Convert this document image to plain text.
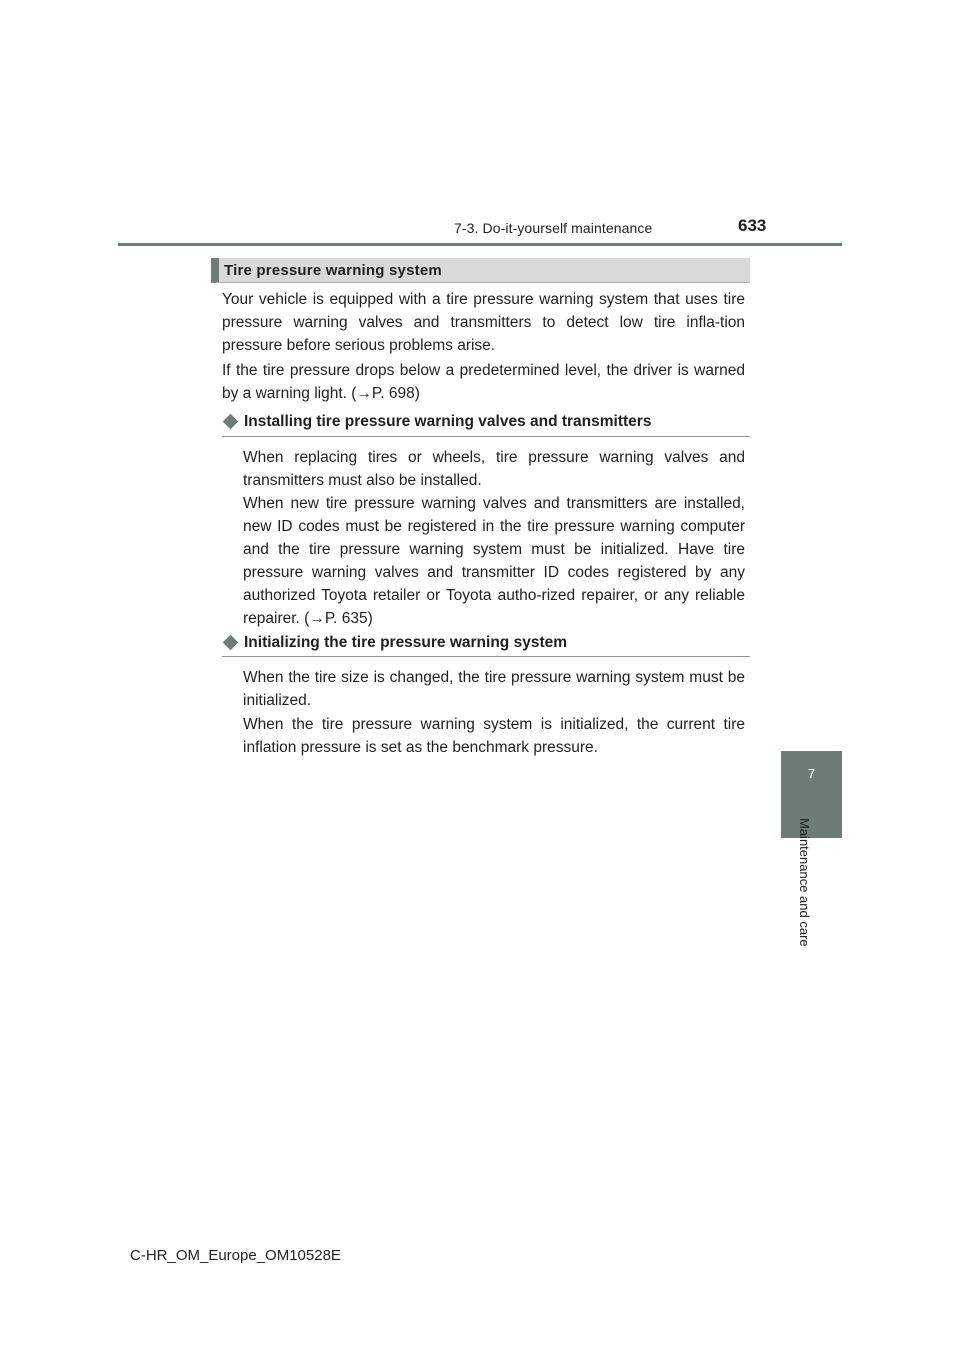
7-3. Do-it-yourself maintenance	633
7
Maintenance and care
Tire pressure warning system
Your vehicle is equipped with a tire pressure warning system that uses tire pressure warning valves and transmitters to detect low tire infla-tion pressure before serious problems arise.
If the tire pressure drops below a predetermined level, the driver is warned by a warning light. (→P. 698)
Installing tire pressure warning valves and transmitters
When replacing tires or wheels, tire pressure warning valves and transmitters must also be installed.
When new tire pressure warning valves and transmitters are installed, new ID codes must be registered in the tire pressure warning computer and the tire pressure warning system must be initialized. Have tire pressure warning valves and transmitter ID codes registered by any authorized Toyota retailer or Toyota autho-rized repairer, or any reliable repairer. (→P. 635)
Initializing the tire pressure warning system
When the tire size is changed, the tire pressure warning system must be initialized.
When the tire pressure warning system is initialized, the current tire inflation pressure is set as the benchmark pressure.
C-HR_OM_Europe_OM10528E
